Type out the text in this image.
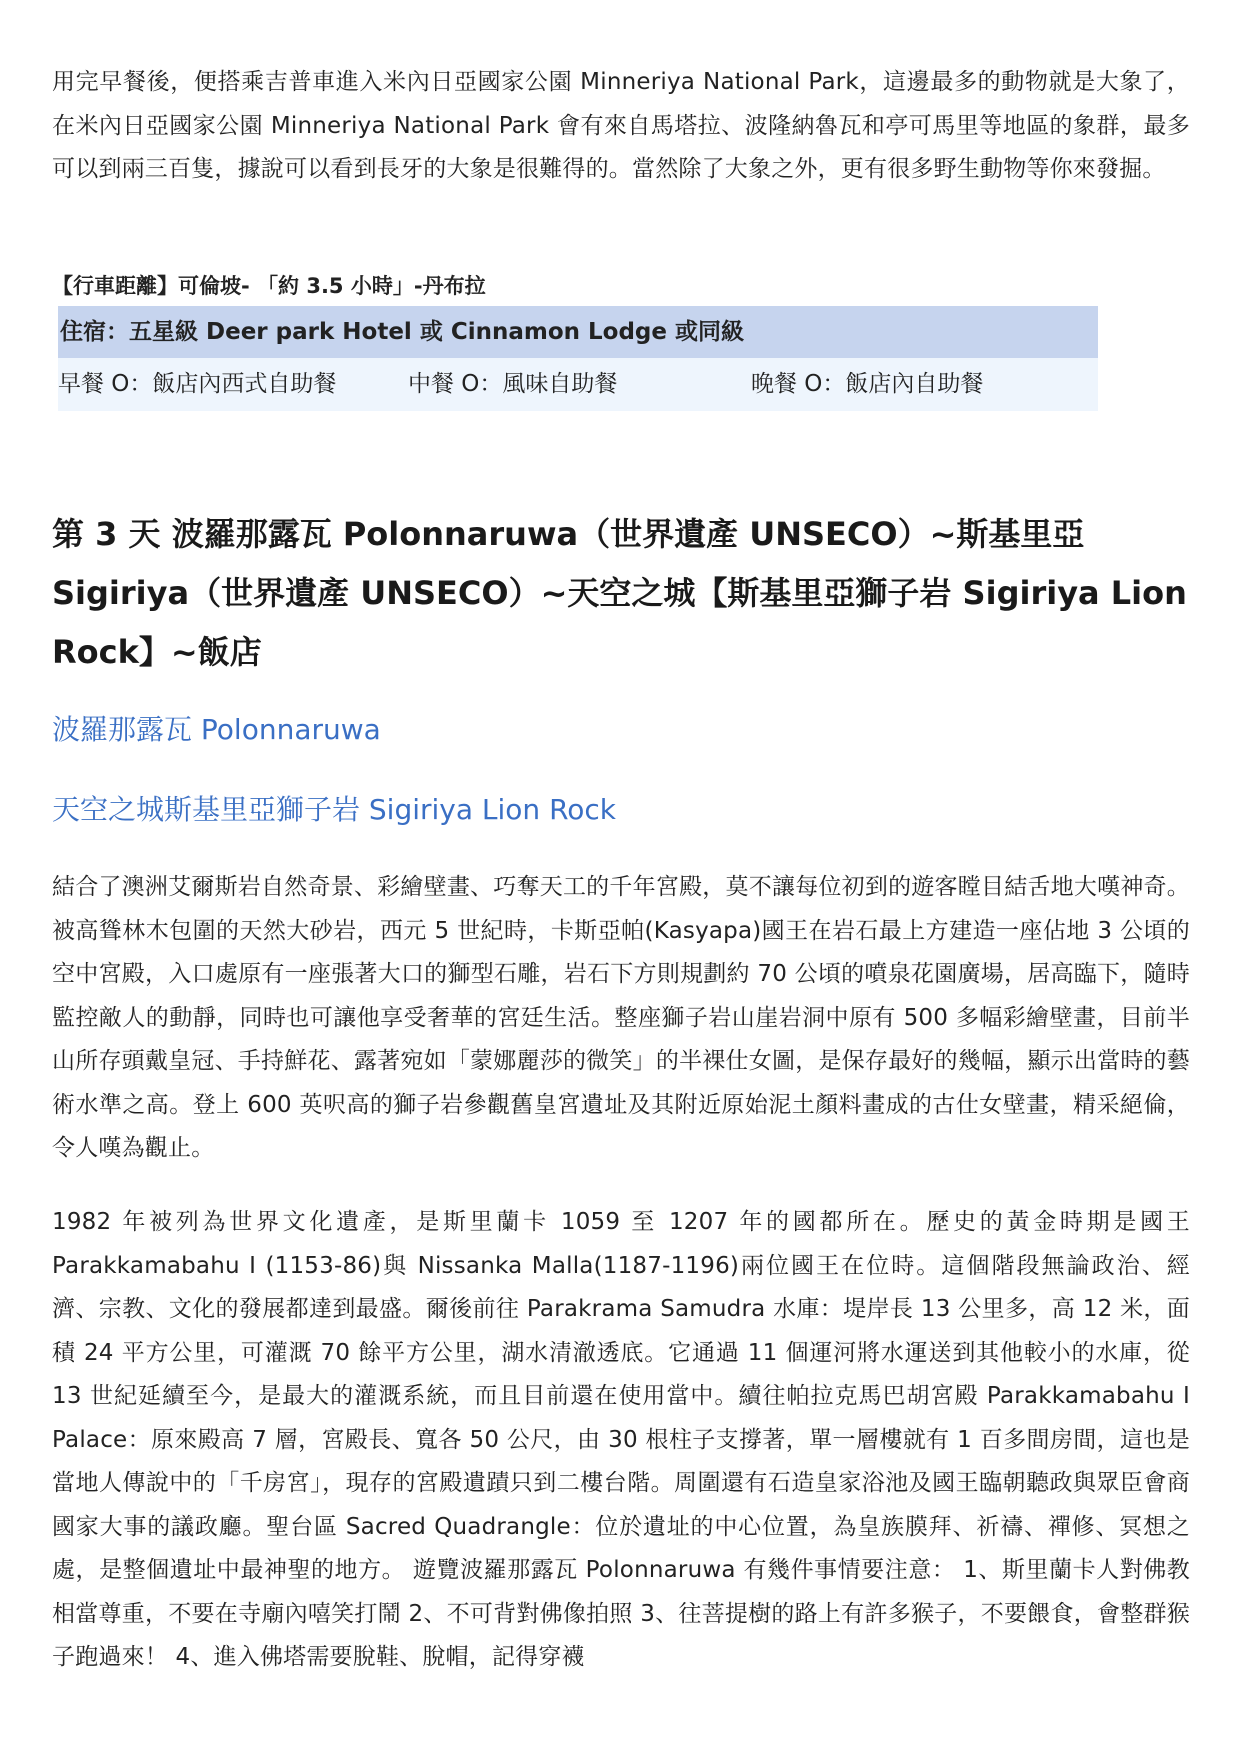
用完早餐後，便搭乘吉普車進入米內日亞國家公園 Minneriya National Park，這邊最多的動物就是大象了，在米內日亞國家公園 Minneriya National Park 會有來自馬塔拉、波隆納魯瓦和亭可馬里等地區的象群，最多可以到兩三百隻，據說可以看到長牙的大象是很難得的。當然除了大象之外，更有很多野生動物等你來發掘。

【行車距離】可倫坡- 「約 3.5 小時」-丹布拉
住宿：五星級 Deer park Hotel 或 Cinnamon Lodge 或同級
早餐 O：飯店內西式自助餐	中餐 O：風味自助餐	晚餐 O：飯店內自助餐
第 3 天 波羅那露瓦 Polonnaruwa（世界遺產 UNSECO）~斯基里亞 Sigiriya（世界遺產 UNSECO）~天空之城【斯基里亞獅子岩 Sigiriya Lion Rock】~飯店
波羅那露瓦 Polonnaruwa
天空之城斯基里亞獅子岩 Sigiriya Lion Rock

結合了澳洲艾爾斯岩自然奇景、彩繪壁畫、巧奪天工的千年宮殿，莫不讓每位初到的遊客瞠目結舌地大嘆神奇。被高聳林木包圍的天然大砂岩，西元 5 世紀時，卡斯亞帕(Kasyapa)國王在岩石最上方建造一座佔地 3 公頃的空中宮殿，入口處原有一座張著大口的獅型石雕，岩石下方則規劃約 70 公頃的噴泉花園廣場，居高臨下，隨時監控敵人的動靜，同時也可讓他享受奢華的宮廷生活。整座獅子岩山崖岩洞中原有 500 多幅彩繪壁畫，目前半山所存頭戴皇冠、手持鮮花、露著宛如「蒙娜麗莎的微笑」的半裸仕女圖，是保存最好的幾幅，顯示出當時的藝術水準之高。登上 600 英呎高的獅子岩參觀舊皇宮遺址及其附近原始泥土顏料畫成的古仕女壁畫，精采絕倫，令人嘆為觀止。

1982 年被列為世界文化遺產，是斯里蘭卡 1059 至 1207 年的國都所在。歷史的黃金時期是國王 Parakkamabahu I (1153-86)與 Nissanka Malla(1187-1196)兩位國王在位時。這個階段無論政治、經濟、宗教、文化的發展都達到最盛。爾後前往 Parakrama Samudra 水庫：堤岸長 13 公里多，高 12 米，面積 24 平方公里，可灌溉 70 餘平方公里，湖水清澈透底。它通過 11 個運河將水運送到其他較小的水庫，從 13 世紀延續至今，是最大的灌溉系統，而且目前還在使用當中。續往帕拉克馬巴胡宮殿 Parakkamabahu I Palace：原來殿高 7 層，宮殿長、寬各 50 公尺，由 30 根柱子支撐著，單一層樓就有 1 百多間房間，這也是當地人傳說中的「千房宮」，現存的宮殿遺蹟只到二樓台階。周圍還有石造皇家浴池及國王臨朝聽政與眾臣會商國家大事的議政廳。聖台區 Sacred Quadrangle：位於遺址的中心位置，為皇族膜拜、祈禱、禪修、冥想之處，是整個遺址中最神聖的地方。 遊覽波羅那露瓦 Polonnaruwa 有幾件事情要注意： 1、斯里蘭卡人對佛教相當尊重，不要在寺廟內嘻笑打鬧 2、不可背對佛像拍照 3、往菩提樹的路上有許多猴子，不要餵食，會整群猴子跑過來！ 4、進入佛塔需要脫鞋、脫帽，記得穿襪
